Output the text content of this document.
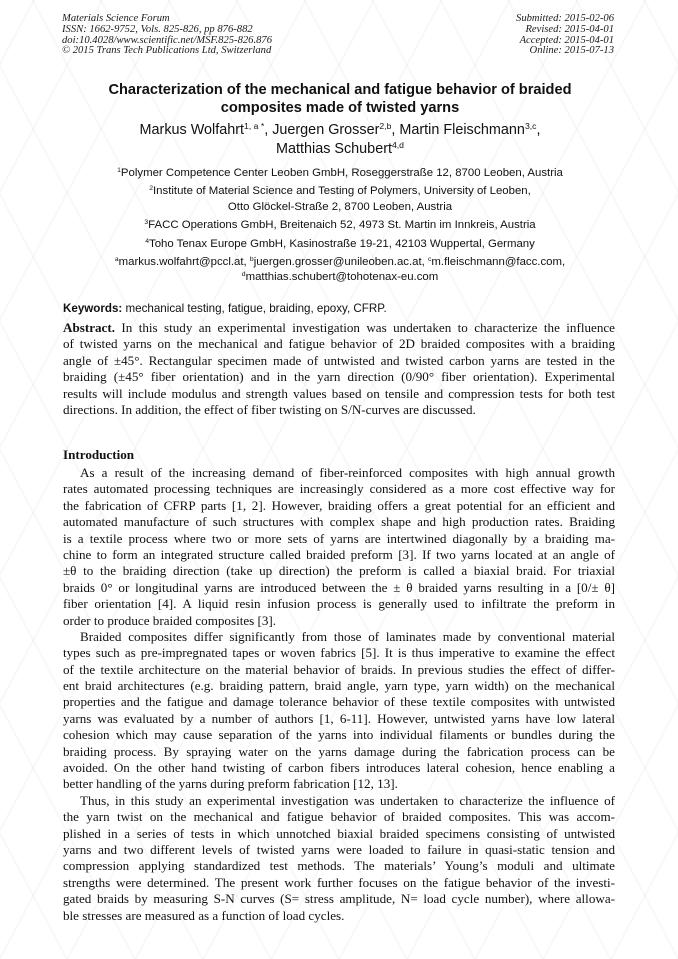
Materials Science Forum
ISSN: 1662-9752, Vols. 825-826, pp 876-882
doi:10.4028/www.scientific.net/MSF.825-826.876
© 2015 Trans Tech Publications Ltd, Switzerland
Submitted: 2015-02-06
Revised: 2015-04-01
Accepted: 2015-04-01
Online: 2015-07-13
Characterization of the mechanical and fatigue behavior of braided
composites made of twisted yarns
Markus Wolfahrt$^{1, a *}$, Juergen Grosser$^{2,b}$, Martin Fleischmann$^{3,c}$,
Matthias Schubert$^{4,d}$
$^1$Polymer Competence Center Leoben GmbH, Roseggerstraße 12, 8700 Leoben, Austria
$^2$Institute of Material Science and Testing of Polymers, University of Leoben,
Otto Glöckel-Straße 2, 8700 Leoben, Austria
$^3$FACC Operations GmbH, Breitenaich 52, 4973 St. Martin im Innkreis, Austria
$^4$Toho Tenax Europe GmbH, Kasinostraße 19-21, 42103 Wuppertal, Germany
$^a$markus.wolfahrt@pccl.at, $^b$juergen.grosser@unileoben.ac.at, $^c$m.fleischmann@facc.com,
$^d$matthias.schubert@tohotenax-eu.com
Keywords: mechanical testing, fatigue, braiding, epoxy, CFRP.
Abstract. In this study an experimental investigation was undertaken to characterize the influence
of twisted yarns on the mechanical and fatigue behavior of 2D braided composites with a braiding
angle of ±45°. Rectangular specimen made of untwisted and twisted carbon yarns are tested in the
braiding (±45° fiber orientation) and in the yarn direction (0/90° fiber orientation). Experimental
results will include modulus and strength values based on tensile and compression tests for both test
directions. In addition, the effect of fiber twisting on S/N-curves are discussed.
Introduction
As a result of the increasing demand of fiber-reinforced composites with high annual growth
rates automated processing techniques are increasingly considered as a more cost effective way for
the fabrication of CFRP parts [1, 2]. However, braiding offers a great potential for an efficient and
automated manufacture of such structures with complex shape and high production rates. Braiding
is a textile process where two or more sets of yarns are intertwined diagonally by a braiding ma-
chine to form an integrated structure called braided preform [3]. If two yarns located at an angle of
±θ to the braiding direction (take up direction) the preform is called a biaxial braid. For triaxial
braids 0° or longitudinal yarns are introduced between the ± θ braided yarns resulting in a [0/± θ]
fiber orientation [4]. A liquid resin infusion process is generally used to infiltrate the preform in
order to produce braided composites [3].
Braided composites differ significantly from those of laminates made by conventional material
types such as pre-impregnated tapes or woven fabrics [5]. It is thus imperative to examine the effect
of the textile architecture on the material behavior of braids. In previous studies the effect of differ-
ent braid architectures (e.g. braiding pattern, braid angle, yarn type, yarn width) on the mechanical
properties and the fatigue and damage tolerance behavior of these textile composites with untwisted
yarns was evaluated by a number of authors [1, 6-11]. However, untwisted yarns have low lateral
cohesion which may cause separation of the yarns into individual filaments or bundles during the
braiding process. By spraying water on the yarns damage during the fabrication process can be
avoided. On the other hand twisting of carbon fibers introduces lateral cohesion, hence enabling a
better handling of the yarns during preform fabrication [12, 13].
Thus, in this study an experimental investigation was undertaken to characterize the influence of
the yarn twist on the mechanical and fatigue behavior of braided composites. This was accom-
plished in a series of tests in which unnotched biaxial braided specimens consisting of untwisted
yarns and two different levels of twisted yarns were loaded to failure in quasi-static tension and
compression applying standardized test methods. The materials’ Young’s moduli and ultimate
strengths were determined. The present work further focuses on the fatigue behavior of the investi-
gated braids by measuring S-N curves (S= stress amplitude, N= load cycle number), where allowa-
ble stresses are measured as a function of load cycles.
